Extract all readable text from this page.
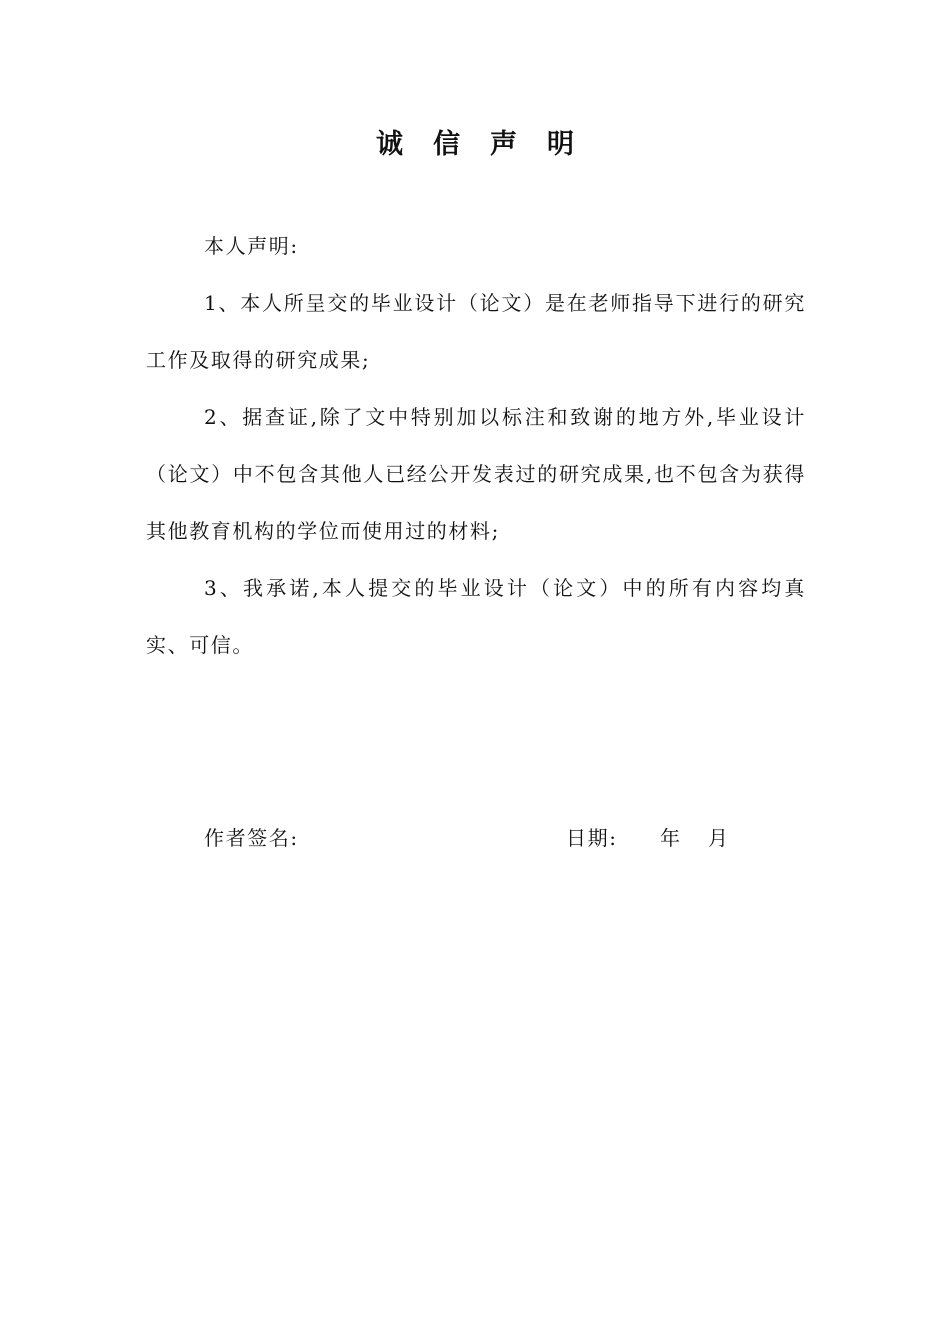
诚信声明

本人声明:

1、本人所呈交的毕业设计（论文）是在老师指导下进行的研究工作及取得的研究成果;

2、据查证,除了文中特别加以标注和致谢的地方外,毕业设计（论文）中不包含其他人已经公开发表过的研究成果,也不包含为获得其他教育机构的学位而使用过的材料;

3、我承诺,本人提交的毕业设计（论文）中的所有内容均真实、可信。

作者签名:	日期: 年 月
